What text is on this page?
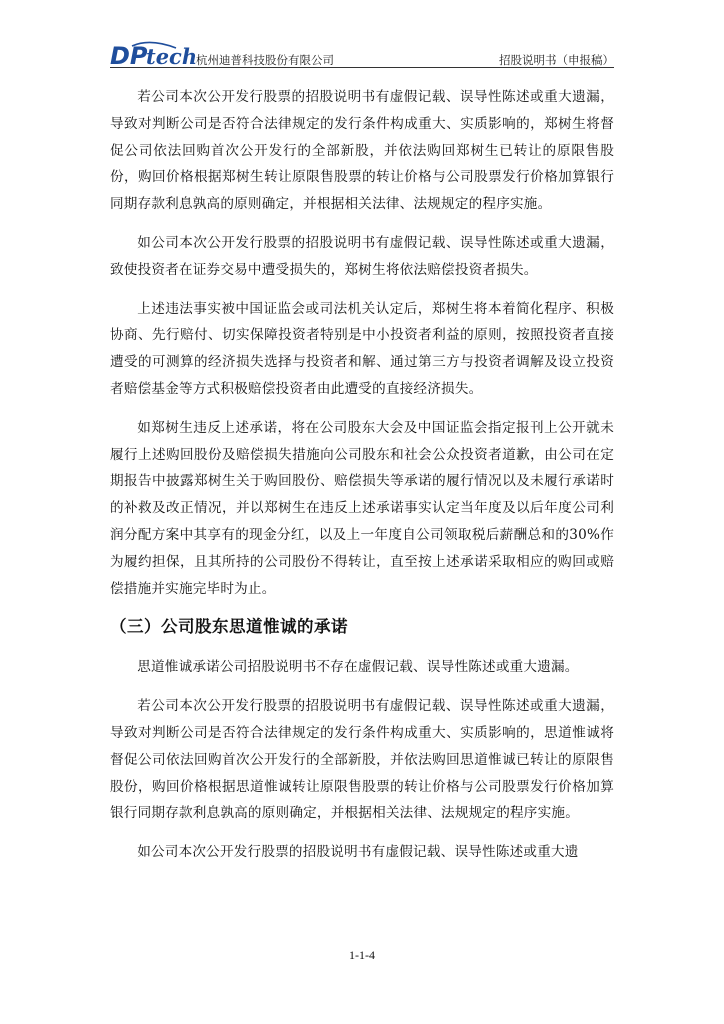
DP
tech
杭州迪普科技股份有限公司	招股说明书（申报稿）

若公司本次公开发行股票的招股说明书有虚假记载、误导性陈述或重大遗漏，导致对判断公司是否符合法律规定的发行条件构成重大、实质影响的，郑树生将督促公司依法回购首次公开发行的全部新股，并依法购回郑树生已转让的原限售股份，购回价格根据郑树生转让原限售股票的转让价格与公司股票发行价格加算银行同期存款利息孰高的原则确定，并根据相关法律、法规规定的程序实施。

如公司本次公开发行股票的招股说明书有虚假记载、误导性陈述或重大遗漏，致使投资者在证券交易中遭受损失的，郑树生将依法赔偿投资者损失。

上述违法事实被中国证监会或司法机关认定后，郑树生将本着简化程序、积极协商、先行赔付、切实保障投资者特别是中小投资者利益的原则，按照投资者直接遭受的可测算的经济损失选择与投资者和解、通过第三方与投资者调解及设立投资者赔偿基金等方式积极赔偿投资者由此遭受的直接经济损失。

如郑树生违反上述承诺，将在公司股东大会及中国证监会指定报刊上公开就未履行上述购回股份及赔偿损失措施向公司股东和社会公众投资者道歉，由公司在定期报告中披露郑树生关于购回股份、赔偿损失等承诺的履行情况以及未履行承诺时的补救及改正情况，并以郑树生在违反上述承诺事实认定当年度及以后年度公司利润分配方案中其享有的现金分红，以及上一年度自公司领取税后薪酬总和的30%作为履约担保，且其所持的公司股份不得转让，直至按上述承诺采取相应的购回或赔偿措施并实施完毕时为止。

（三）公司股东思道惟诚的承诺

思道惟诚承诺公司招股说明书不存在虚假记载、误导性陈述或重大遗漏。

若公司本次公开发行股票的招股说明书有虚假记载、误导性陈述或重大遗漏，导致对判断公司是否符合法律规定的发行条件构成重大、实质影响的，思道惟诚将督促公司依法回购首次公开发行的全部新股，并依法购回思道惟诚已转让的原限售股份，购回价格根据思道惟诚转让原限售股票的转让价格与公司股票发行价格加算银行同期存款利息孰高的原则确定，并根据相关法律、法规规定的程序实施。

如公司本次公开发行股票的招股说明书有虚假记载、误导性陈述或重大遗

1-1-4
